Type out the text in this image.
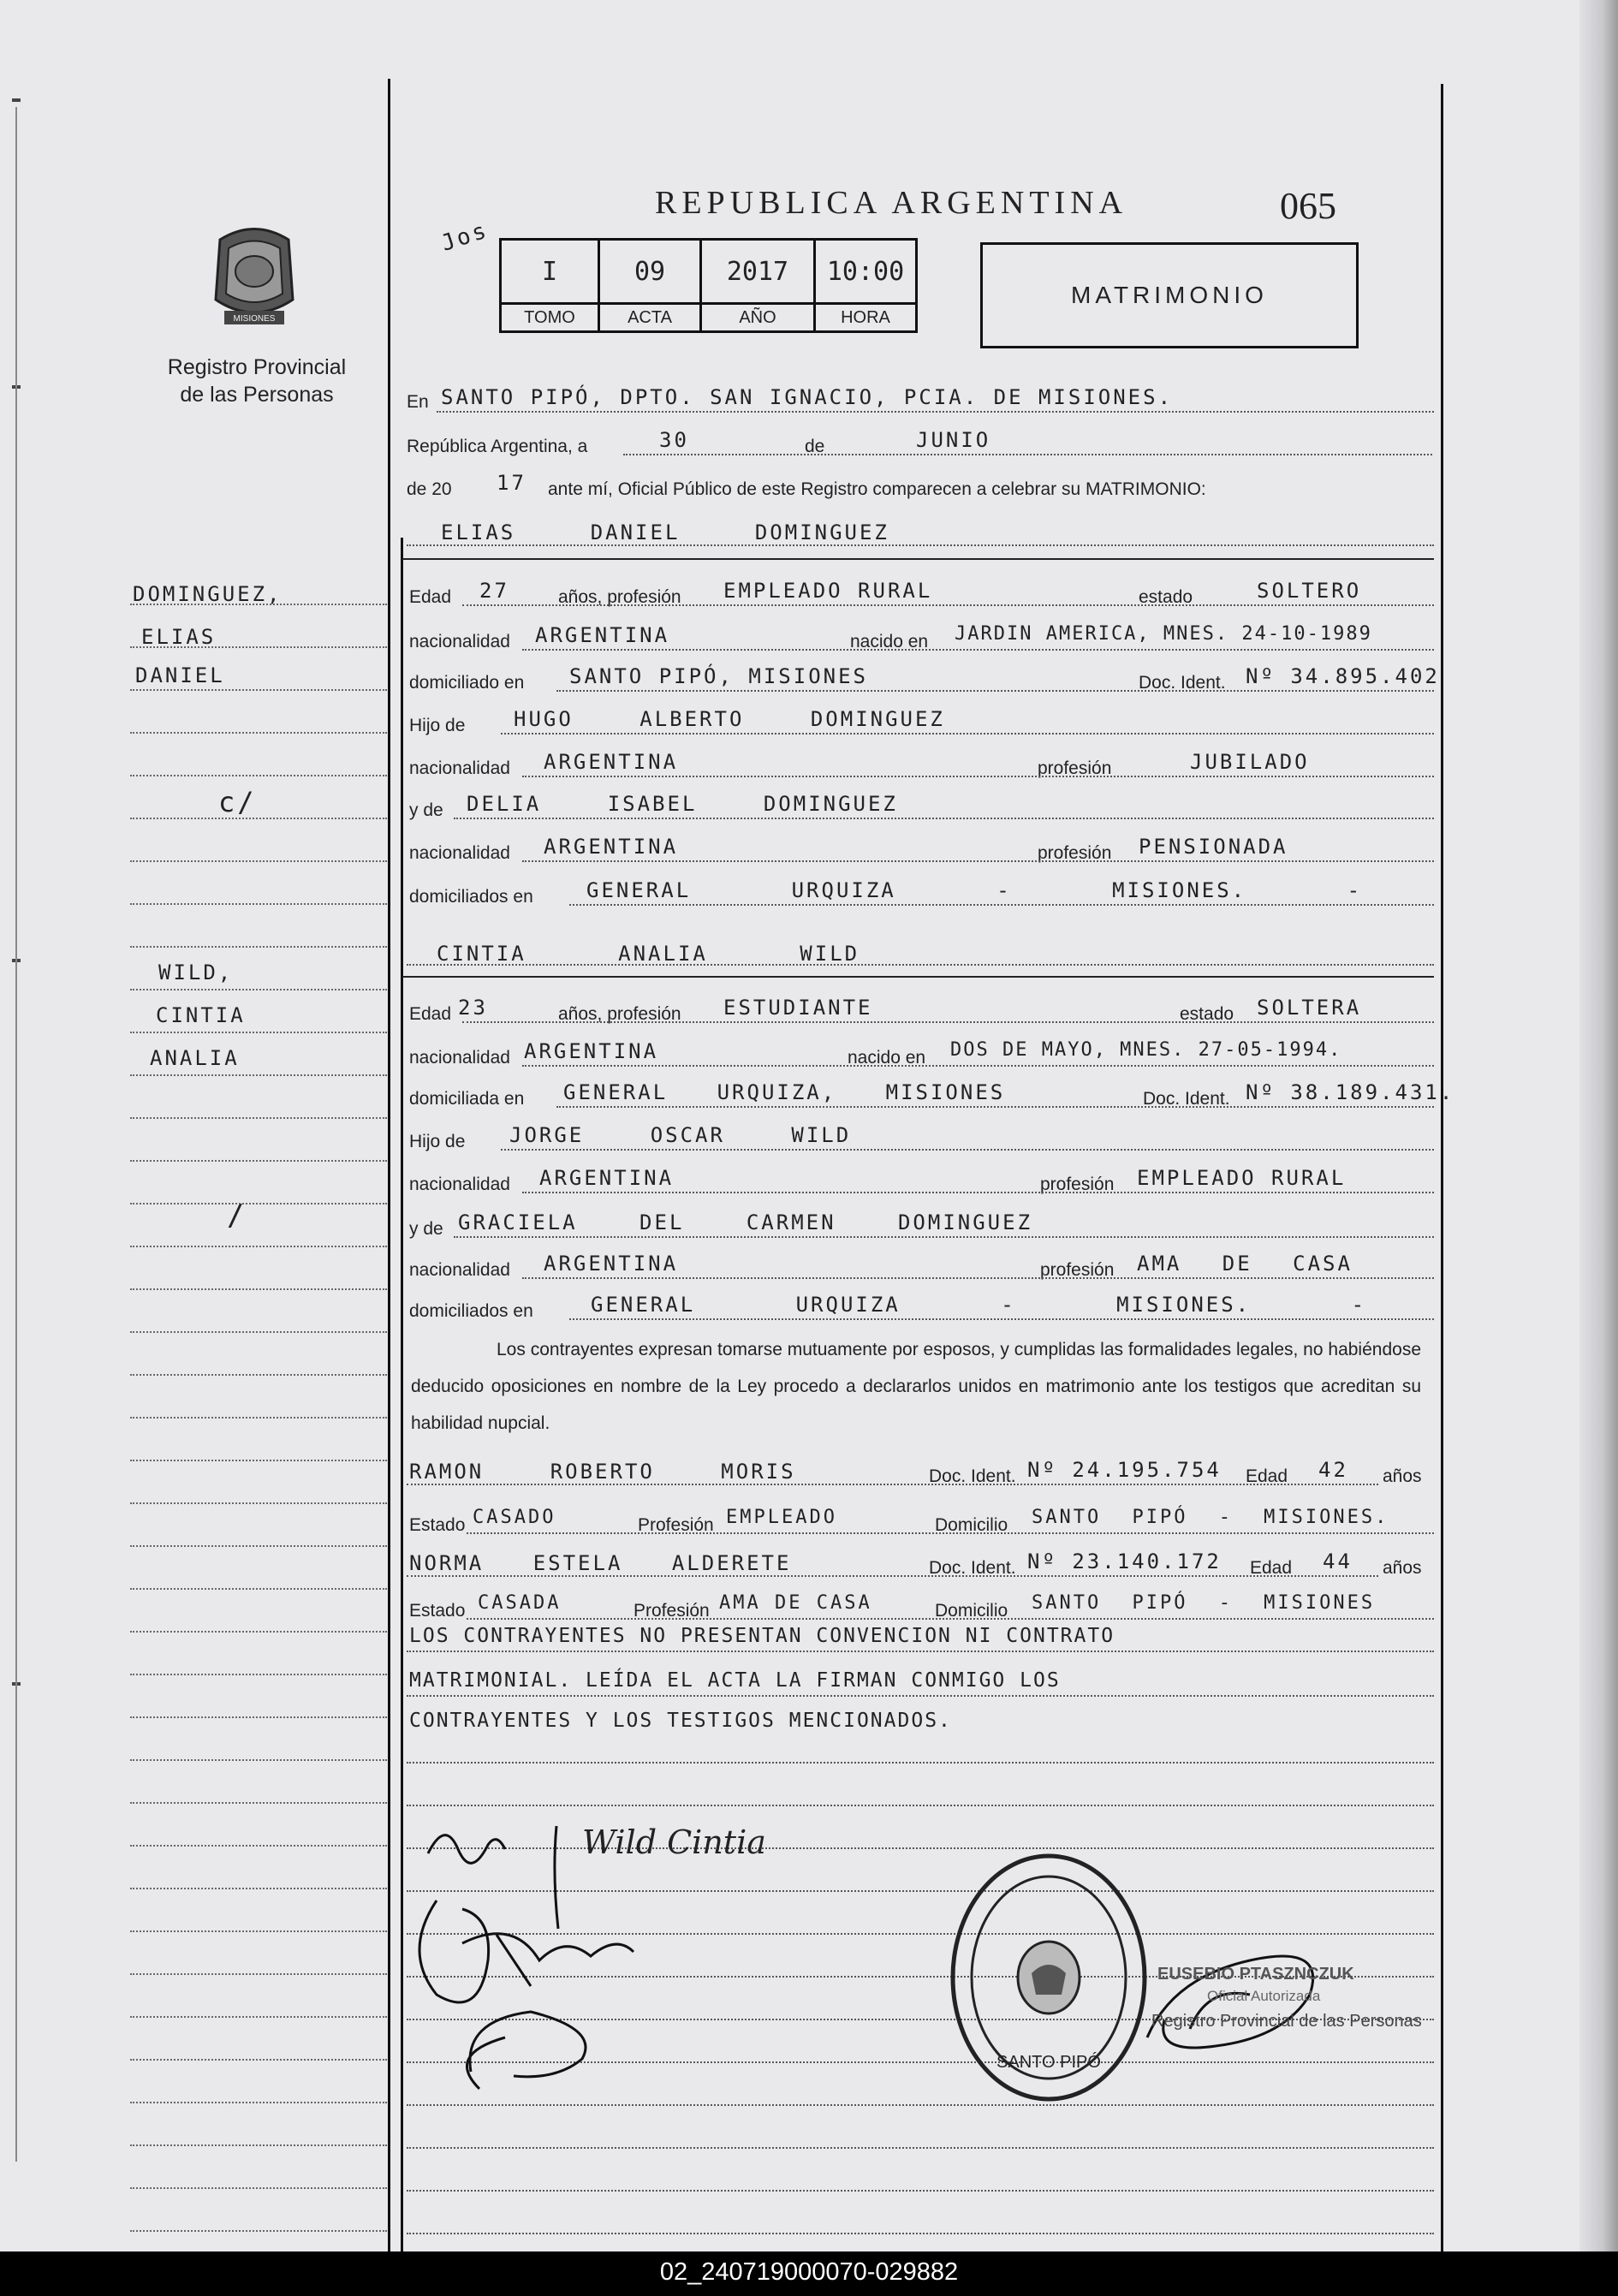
REPUBLICA ARGENTINA	065
Jos
MISIONES
Registro Provincial
de las Personas
I	09	2017	10:00
TOMO	ACTA	AÑO	HORA
MATRIMONIO
En SANTO PIPÓ, DPTO. SAN IGNACIO, PCIA. DE MISIONES.
República Argentina, a	30	de	JUNIO
de 20 17 ante mí, Oficial Público de este Registro comparecen a celebrar su MATRIMONIO:
ELIAS DANIEL DOMINGUEZ
Edad 27	años, profesión EMPLEADO RURAL	estado	SOLTERO
nacionalidad ARGENTINA	nacido en JARDIN AMERICA, MNES. 24-10-1989
domiciliado en SANTO PIPÓ, MISIONES	Doc. Ident. Nº 34.895.402
Hijo de HUGO ALBERTO DOMINGUEZ
nacionalidad ARGENTINA	profesión	JUBILADO
y de DELIA ISABEL DOMINGUEZ
nacionalidad ARGENTINA	profesión PENSIONADA
domiciliados en	GENERAL URQUIZA - MISIONES. -
CINTIA ANALIA WILD
Edad 23	años, profesión ESTUDIANTE	estado SOLTERA
nacionalidad ARGENTINA	nacido en DOS DE MAYO, MNES. 27-05-1994.
domiciliada en GENERAL URQUIZA, MISIONES	Doc. Ident. Nº 38.189.431.
Hijo de JORGE OSCAR WILD
nacionalidad ARGENTINA	profesión EMPLEADO RURAL
y de GRACIELA DEL CARMEN DOMINGUEZ
nacionalidad ARGENTINA	profesión AMA DE CASA
domiciliados en	GENERAL URQUIZA - MISIONES. -
Los contrayentes expresan tomarse mutuamente por esposos, y cumplidas las formalidades legales, no habiéndose deducido oposiciones en nombre de la Ley procedo a declararlos unidos en matrimonio ante los testigos que acreditan su habilidad nupcial.
RAMON ROBERTO MORIS	Doc. Ident. Nº 24.195.754 Edad 42 años
Estado CASADO	Profesión EMPLEADO	Domicilio SANTO PIPÓ - MISIONES.
NORMA ESTELA ALDERETE	Doc. Ident. Nº 23.140.172 Edad 44 años
Estado CASADA	Profesión AMA DE CASA	Domicilio SANTO PIPÓ - MISIONES
LOS CONTRAYENTES NO PRESENTAN CONVENCION NI CONTRATO
MATRIMONIAL. LEÍDA EL ACTA LA FIRMAN CONMIGO LOS
CONTRAYENTES Y LOS TESTIGOS MENCIONADOS.
DOMINGUEZ,
ELIAS
DANIEL
c/
WILD,
CINTIA
ANALIA
/
Wild Cintia
SANTO PIPÓ
EUSEBIO PTASZNCZUK
Oficial Autorizada
Registro Provincial de las Personas
02_240719000070-029882
